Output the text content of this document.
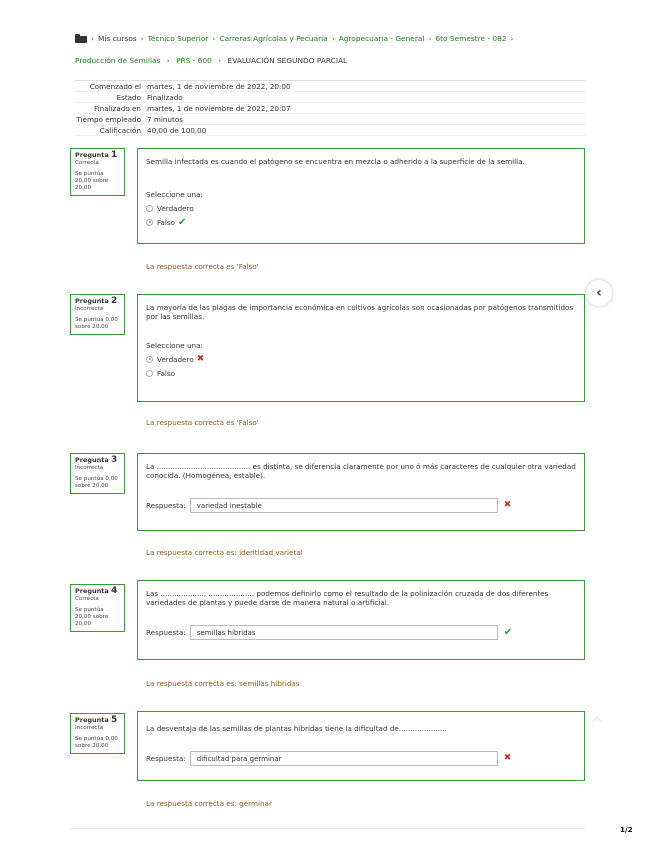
› Mis cursos › Técnico Superior › Carreras Agrícolas y Pecuaria › Agropecuaria - General › 6to Semestre - 082 ›
Producción de Semillas › PRS - 600 › EVALUACIÓN SEGUNDO PARCIAL
Comenzado el martes, 1 de noviembre de 2022, 20:00
Estado Finalizado
Finalizado en martes, 1 de noviembre de 2022, 20:07
Tiempo empleado 7 minutos
Calificación 40,00 de 100,00
Pregunta 1
Correcta
Se puntúa 20,00 sobre 20,00
Semilla infectada es cuando el patógeno se encuentra en mezcla o adherido a la superficie de la semilla.
Seleccione una:
Verdadero
Falso ✔
La respuesta correcta es 'Falso'
Pregunta 2
Incorrecta
Se puntúa 0,00 sobre 20,00
La mayoría de las plagas de importancia económica en cultivos agrícolas son ocasionadas por patógenos transmitidos por las semillas.
Seleccione una:
Verdadero ✖
Falso
La respuesta correcta es 'Falso'
Pregunta 3
Incorrecta
Se puntúa 0,00 sobre 20,00
La .................... .................... es distinta, se diferencia claramente por uno ó más caracteres de cualquier otra variedad conocida. (Homogénea, estable).
Respuesta:
variedad inestable	✖
La respuesta correcta es: identidad varietal
Pregunta 4
Correcta
Se puntúa 20,00 sobre 20,00
Las .................... .................... podemos definirlo como el resultado de la polinización cruzada de dos diferentes variedades de plantas y puede darse de manera natural o artificial.
Respuesta:
semillas híbridas	✔
La respuesta correcta es: semillas híbridas
Pregunta 5
Incorrecta
Se puntúa 0,00 sobre 20,00
La desventaja de las semillas de plantas híbridas tiene la dificultad de.....................
Respuesta:
dificultad para germinar	✖
La respuesta correcta es: germinar
‹
︿
1/2
